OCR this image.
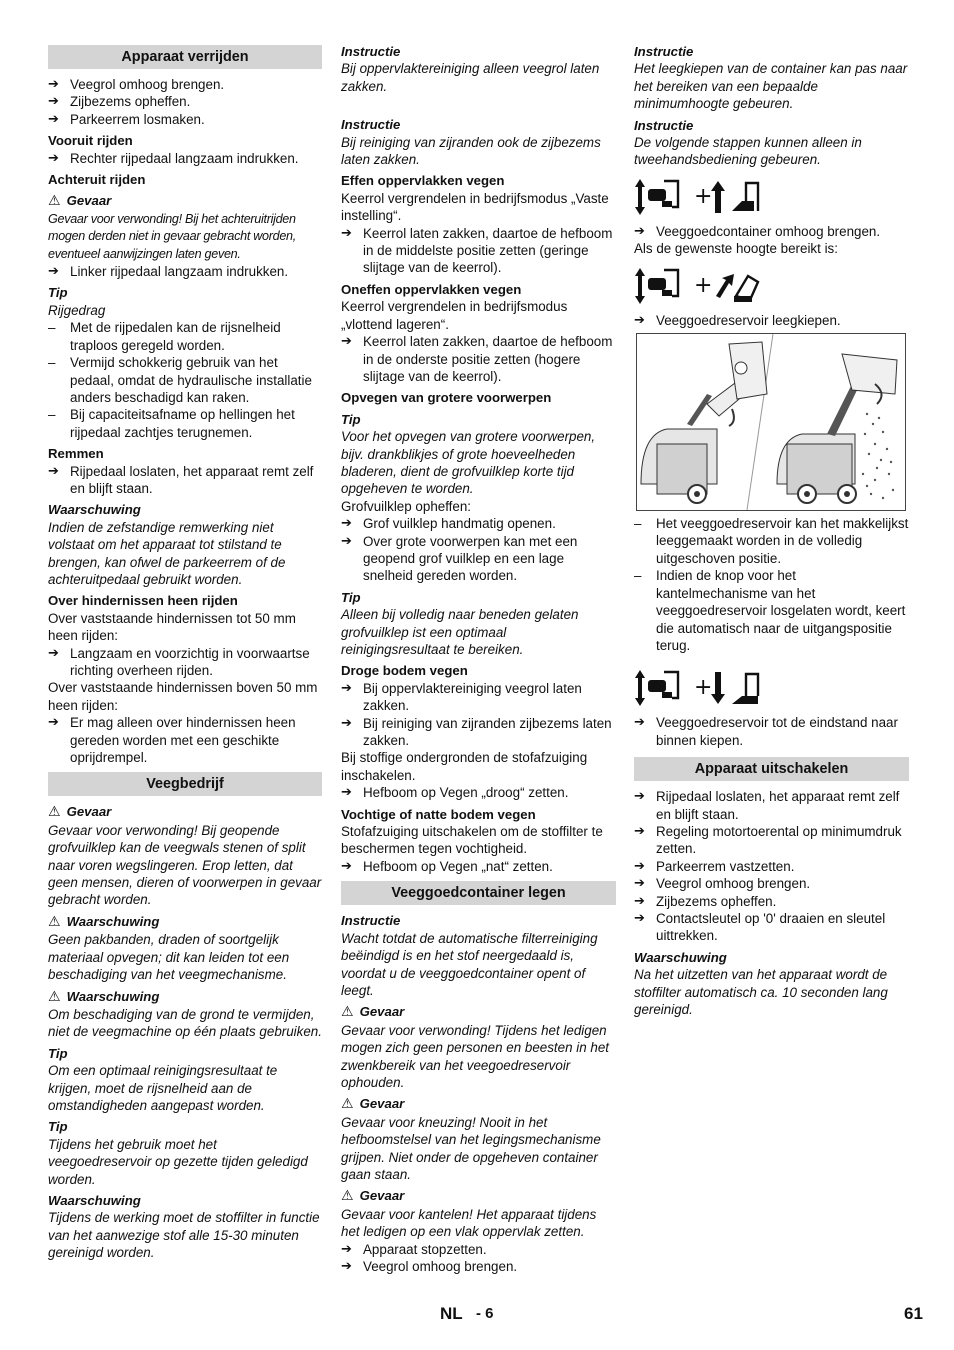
Apparaat verrijden
➔ Veegrol omhoog brengen.
➔ Zijbezems opheffen.
➔ Parkeerrem losmaken.
Vooruit rijden
➔ Rechter rijpedaal langzaam indrukken.
Achteruit rijden
⚠ Gevaar
Gevaar voor verwonding! Bij het achteruitrijden mogen derden niet in gevaar gebracht worden, eventueel aanwijzingen laten geven.
➔ Linker rijpedaal langzaam indrukken.
Tip
Rijgedrag
– Met de rijpedalen kan de rijsnelheid traploos geregeld worden.
– Vermijd schokkerig gebruik van het pedaal, omdat de hydraulische installatie anders beschadigd kan raken.
– Bij capaciteitsafname op hellingen het rijpedaal zachtjes terugnemen.
Remmen
➔ Rijpedaal loslaten, het apparaat remt zelf en blijft staan.
Waarschuwing
Indien de zefstandige remwerking niet volstaat om het apparaat tot stilstand te brengen, kan ofwel de parkeerrem of de achteruitpedaal gebruikt worden.
Over hindernissen heen rijden
Over vaststaande hindernissen tot 50 mm heen rijden:
➔ Langzaam en voorzichtig in voorwaartse richting overheen rijden.
Over vaststaande hindernissen boven 50 mm heen rijden:
➔ Er mag alleen over hindernissen heen gereden worden met een geschikte oprijdrempel.
Veegbedrijf
⚠ Gevaar
Gevaar voor verwonding! Bij geopende grofvuilklep kan de veegwals stenen of split naar voren wegslingeren. Erop letten, dat geen mensen, dieren of voorwerpen in gevaar gebracht worden.
⚠ Waarschuwing
Geen pakbanden, draden of soortgelijk materiaal opvegen; dit kan leiden tot een beschadiging van het veegmechanisme.
⚠ Waarschuwing
Om beschadiging van de grond te vermijden, niet de veegmachine op één plaats gebruiken.
Tip
Om een optimaal reinigingsresultaat te krijgen, moet de rijsnelheid aan de omstandigheden aangepast worden.
Tip
Tijdens het gebruik moet het veegoedreservoir op gezette tijden geledigd worden.
Waarschuwing
Tijdens de werking moet de stoffilter in functie van het aanwezige stof alle 15-30 minuten gereinigd worden.
Instructie
Bij oppervlaktereiniging alleen veegrol laten zakken.
Instructie
Bij reiniging van zijranden ook de zijbezems laten zakken.
Effen oppervlakken vegen
Keerrol vergrendelen in bedrijfsmodus „Vaste instelling“.
➔ Keerrol laten zakken, daartoe de hefboom in de middelste positie zetten (geringe slijtage van de keerrol).
Oneffen oppervlakken vegen
Keerrol vergrendelen in bedrijfsmodus „vlottend lageren“.
➔ Keerrol laten zakken, daartoe de hefboom in de onderste positie zetten (hogere slijtage van de keerrol).
Opvegen van grotere voorwerpen
Tip
Voor het opvegen van grotere voorwerpen, bijv. drankblikjes of grote hoeveelheden bladeren, dient de grofvuilklep korte tijd opgeheven te worden.
Grofvuilklep opheffen:
➔ Grof vuilklep handmatig openen.
➔ Over grote voorwerpen kan met een geopend grof vuilklep en een lage snelheid gereden worden.
Tip
Alleen bij volledig naar beneden gelaten grofvuilklep ist een optimaal reinigingsresultaat te bereiken.
Droge bodem vegen
➔ Bij oppervlaktereiniging veegrol laten zakken.
➔ Bij reiniging van zijranden zijbezems laten zakken.
Bij stoffige ondergronden de stofafzuiging inschakelen.
➔ Hefboom op Vegen „droog“ zetten.
Vochtige of natte bodem vegen
Stofafzuiging uitschakelen om de stoffilter te beschermen tegen vochtigheid.
➔ Hefboom op Vegen „nat“ zetten.
Veeggoedcontainer legen
Instructie
Wacht totdat de automatische filterreiniging beëindigd is en het stof neergedaald is, voordat u de veeggoedcontainer opent of leegt.
⚠ Gevaar
Gevaar voor verwonding! Tijdens het ledigen mogen zich geen personen en beesten in het zwenkbereik van het veegoedreservoir ophouden.
⚠ Gevaar
Gevaar voor kneuzing! Nooit in het hefboomstelsel van het legingsmechanisme grijpen. Niet onder de opgeheven container gaan staan.
⚠ Gevaar
Gevaar voor kantelen! Het apparaat tijdens het ledigen op een vlak oppervlak zetten.
➔ Apparaat stopzetten.
➔ Veegrol omhoog brengen.
Instructie
Het leegkiepen van de container kan pas naar het bereiken van een bepaalde minimumhoogte gebeuren.
Instructie
De volgende stappen kunnen alleen in tweehandsbediening gebeuren.
+
➔ Veeggoedcontainer omhoog brengen.
Als de gewenste hoogte bereikt is:
+
➔ Veeggoedreservoir leegkiepen.
– Het veeggoedreservoir kan het makkelijkst leeggemaakt worden in de volledig uitgeschoven positie.
– Indien de knop voor het kantelmechanisme van het veeggoedreservoir losgelaten wordt, keert die automatisch naar de uitgangspositie terug.
+
➔ Veeggoedreservoir tot de eindstand naar binnen kiepen.
Apparaat uitschakelen
➔ Rijpedaal loslaten, het apparaat remt zelf en blijft staan.
➔ Regeling motortoerental op minimumdruk zetten.
➔ Parkeerrem vastzetten.
➔ Veegrol omhoog brengen.
➔ Zijbezems opheffen.
➔ Contactsleutel op '0' draaien en sleutel uittrekken.
Waarschuwing
Na het uitzetten van het apparaat wordt de stoffilter automatisch ca. 10 seconden lang gereinigd.
NL - 6	61
